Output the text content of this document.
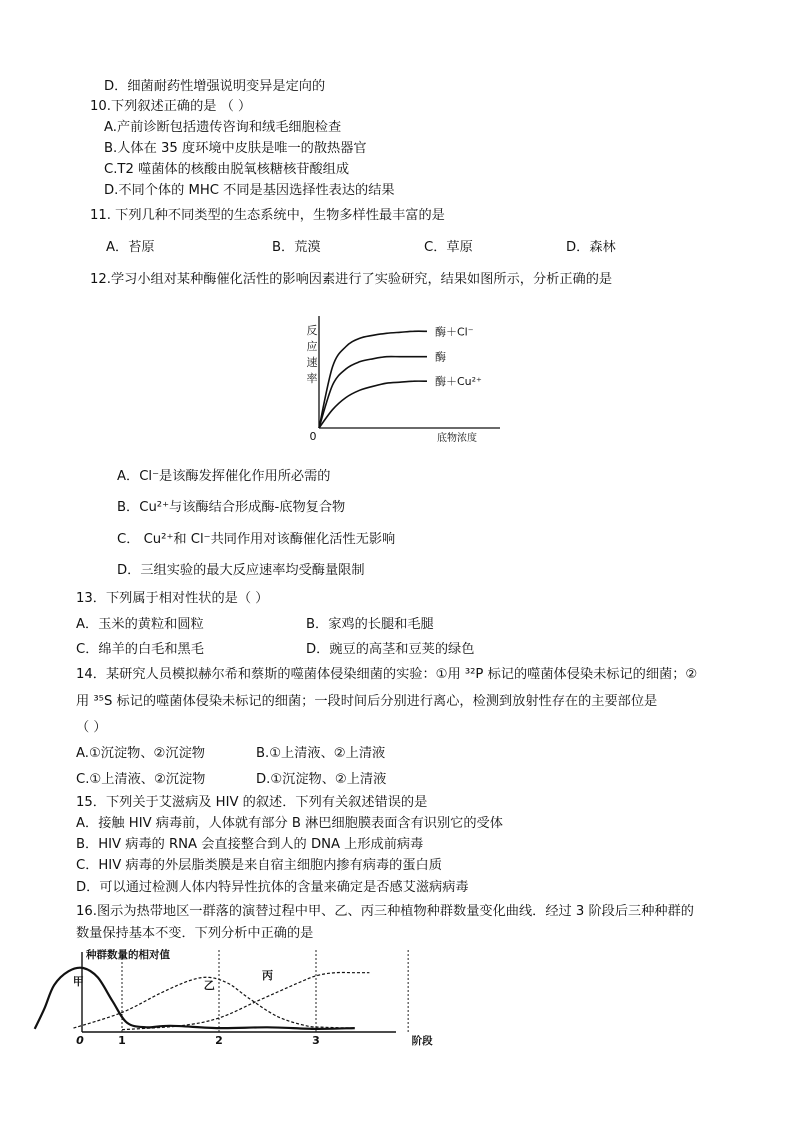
D．细菌耐药性增强说明变异是定向的
10.下列叙述正确的是 （ ）
A.产前诊断包括遗传咨询和绒毛细胞检查
B.人体在 35 度环境中皮肤是唯一的散热器官
C.T2 噬菌体的核酸由脱氧核糖核苷酸组成
D.不同个体的 MHC 不同是基因选择性表达的结果
11. 下列几种不同类型的生态系统中，生物多样性最丰富的是
A．苔原	B．荒漠	C．草原	D．森林
12.学习小组对某种酶催化活性的影响因素进行了实验研究，结果如图所示，分析正确的是
反
应
速
率
0	底物浓度
酶＋Cl⁻
酶
酶＋Cu²⁺
A．Cl⁻是该酶发挥催化作用所必需的
B．Cu²⁺与该酶结合形成酶-底物复合物
C． Cu²⁺和 Cl⁻共同作用对该酶催化活性无影响
D．三组实验的最大反应速率均受酶量限制
13．下列属于相对性状的是（ ）
A．玉米的黄粒和圆粒	B．家鸡的长腿和毛腿
C．绵羊的白毛和黑毛	D．豌豆的高茎和豆荚的绿色
14．某研究人员模拟赫尔希和蔡斯的噬菌体侵染细菌的实验：①用 ³²P 标记的噬菌体侵染未标记的细菌；②
用 ³⁵S 标记的噬菌体侵染未标记的细菌；一段时间后分别进行离心，检测到放射性存在的主要部位是
（ ）
A.①沉淀物、②沉淀物	B.①上清液、②上清液
C.①上清液、②沉淀物	D.①沉淀物、②上清液
15．下列关于艾滋病及 HIV 的叙述．下列有关叙述错误的是
A．接触 HIV 病毒前，人体就有部分 B 淋巴细胞膜表面含有识别它的受体
B．HIV 病毒的 RNA 会直接整合到人的 DNA 上形成前病毒
C．HIV 病毒的外层脂类膜是来自宿主细胞内掺有病毒的蛋白质
D．可以通过检测人体内特异性抗体的含量来确定是否感艾滋病病毒
16.图示为热带地区一群落的演替过程中甲、乙、丙三种植物种群数量变化曲线．经过 3 阶段后三种种群的
数量保持基本不变．下列分析中正确的是
种群数量的相对值
0	1	2	3	阶段
甲	乙
丙
